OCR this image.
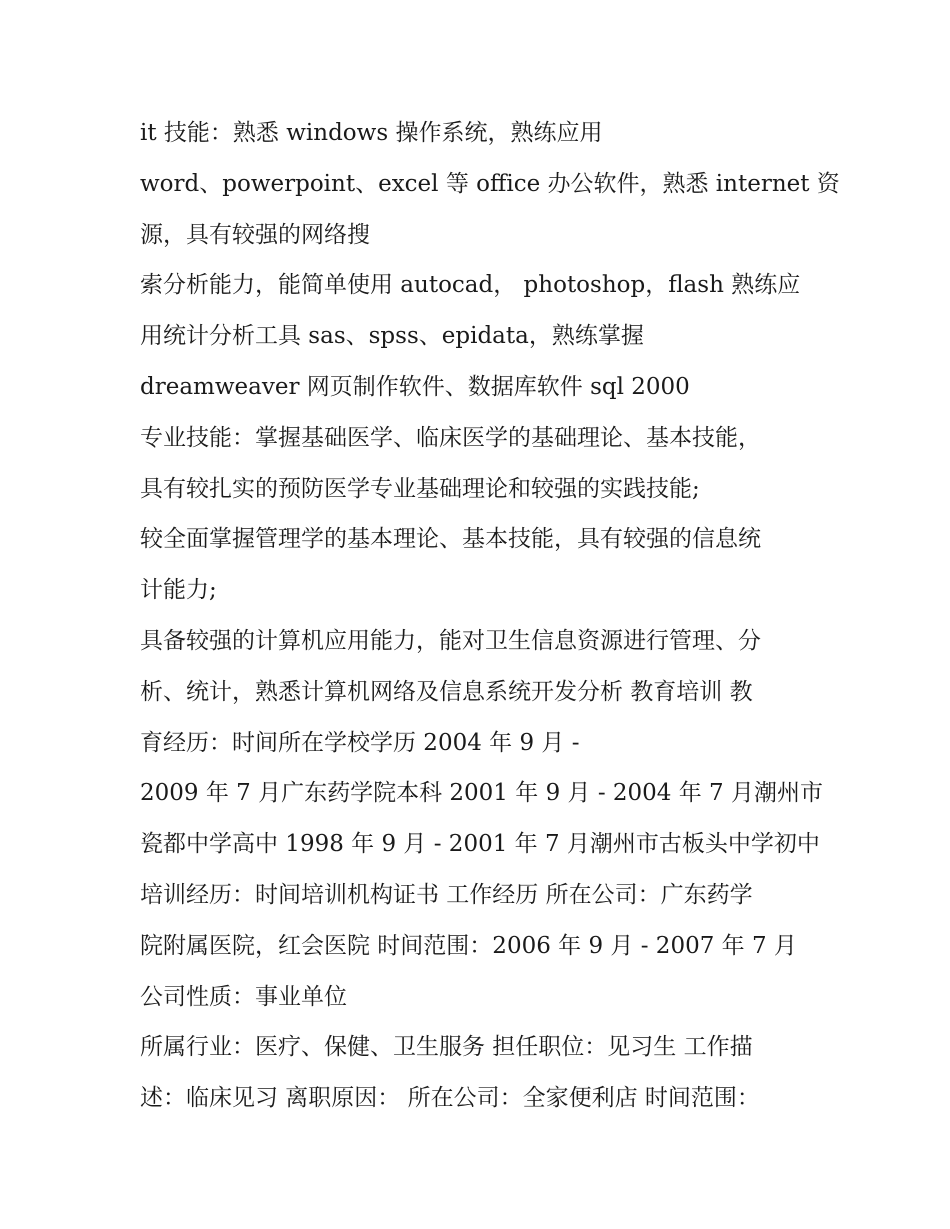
it 技能：熟悉 windows 操作系统，熟练应用
word、powerpoint、excel 等 office 办公软件，熟悉 internet 资
源，具有较强的网络搜
索分析能力，能简单使用 autocad， photoshop，flash 熟练应
用统计分析工具 sas、spss、epidata，熟练掌握
dreamweaver 网页制作软件、数据库软件 sql 2000
专业技能：掌握基础医学、临床医学的基础理论、基本技能，
具有较扎实的预防医学专业基础理论和较强的实践技能;
较全面掌握管理学的基本理论、基本技能，具有较强的信息统
计能力;
具备较强的计算机应用能力，能对卫生信息资源进行管理、分
析、统计，熟悉计算机网络及信息系统开发分析 教育培训 教
育经历：时间所在学校学历 2004 年 9 月 -
2009 年 7 月广东药学院本科 2001 年 9 月 - 2004 年 7 月潮州市
瓷都中学高中 1998 年 9 月 - 2001 年 7 月潮州市古板头中学初中
培训经历：时间培训机构证书 工作经历 所在公司：广东药学
院附属医院，红会医院 时间范围：2006 年 9 月 - 2007 年 7 月
公司性质：事业单位
所属行业：医疗、保健、卫生服务 担任职位：见习生 工作描
述：临床见习 离职原因： 所在公司：全家便利店 时间范围：
